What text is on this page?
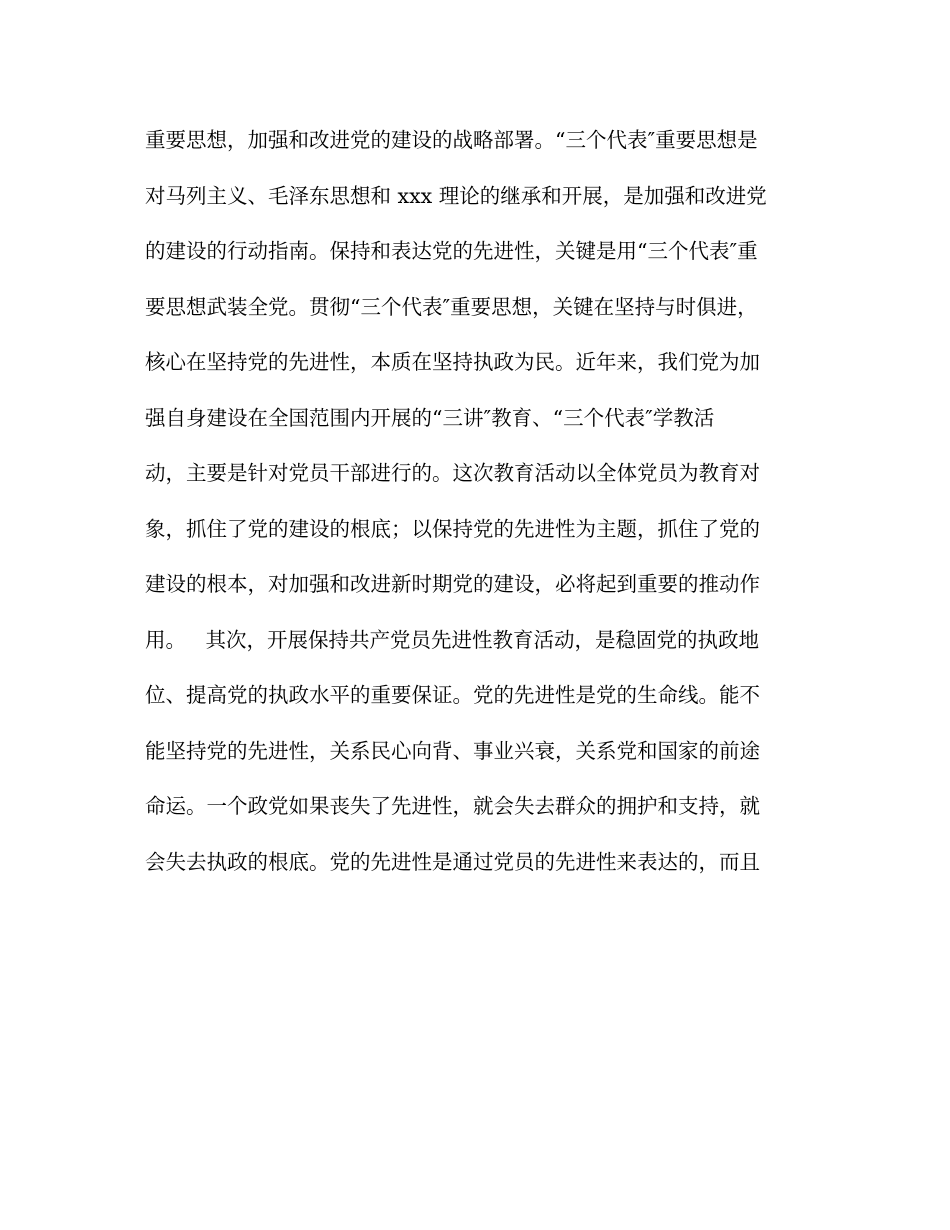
重要思想，加强和改进党的建设的战略部署。“三个代表″重要思想是
对马列主义、毛泽东思想和 xxx 理论的继承和开展，是加强和改进党
的建设的行动指南。保持和表达党的先进性，关键是用“三个代表″重
要思想武装全党。贯彻“三个代表″重要思想，关键在坚持与时俱进，
核心在坚持党的先进性，本质在坚持执政为民。近年来，我们党为加
强自身建设在全国范围内开展的“三讲″教育、“三个代表″学教活
动，主要是针对党员干部进行的。这次教育活动以全体党员为教育对
象，抓住了党的建设的根底；以保持党的先进性为主题，抓住了党的
建设的根本，对加强和改进新时期党的建设，必将起到重要的推动作
用。   其次，开展保持共产党员先进性教育活动，是稳固党的执政地
位、提高党的执政水平的重要保证。党的先进性是党的生命线。能不
能坚持党的先进性，关系民心向背、事业兴衰，关系党和国家的前途
命运。一个政党如果丧失了先进性，就会失去群众的拥护和支持，就
会失去执政的根底。党的先进性是通过党员的先进性来表达的，而且
